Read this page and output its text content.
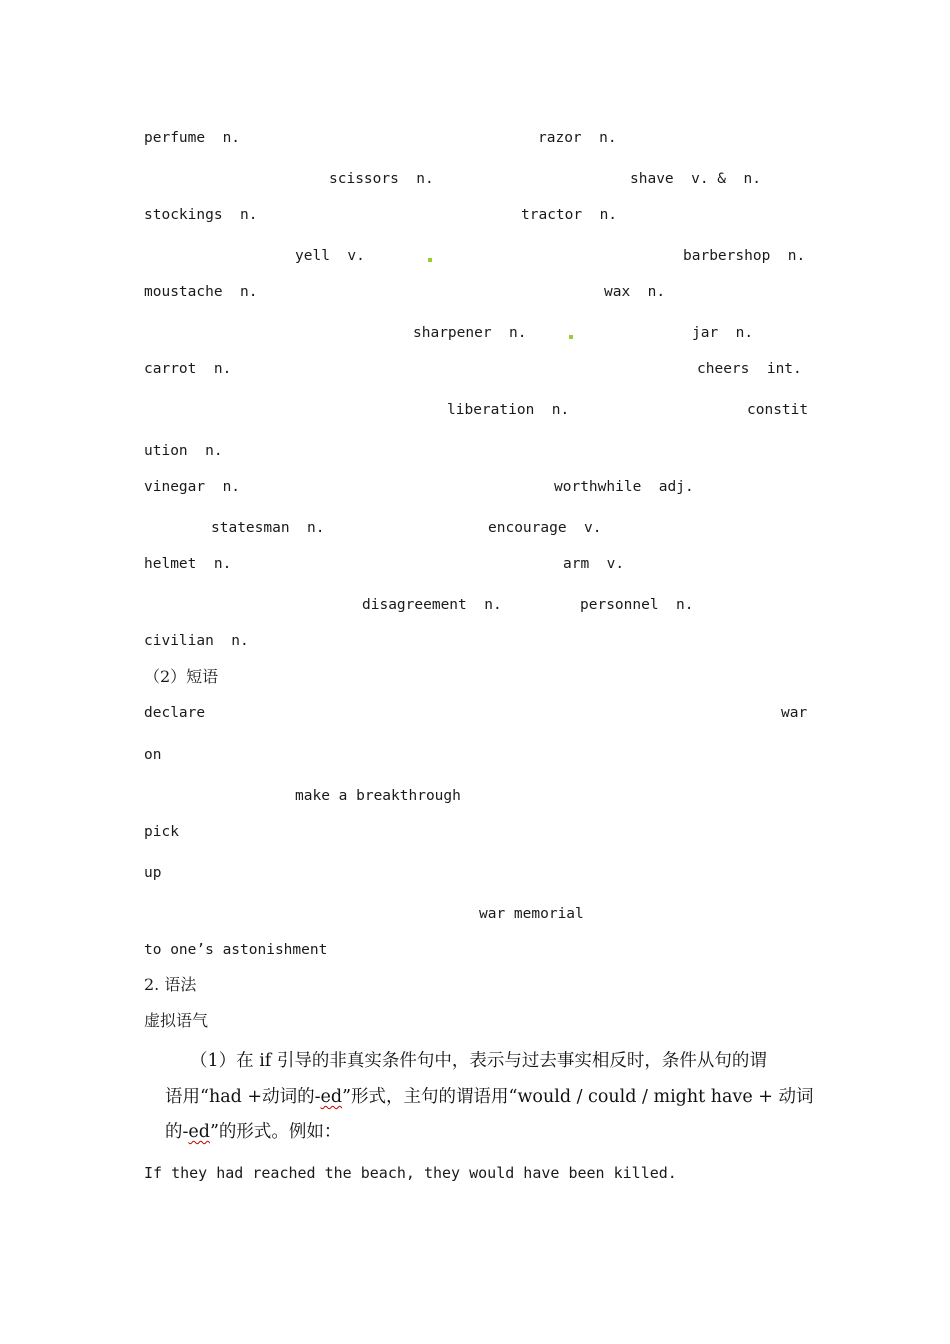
perfume  n.	razor  n.
scissors  n.	shave  v. &  n.
stockings  n.	tractor  n.
yell  v.	barbershop  n.
moustache  n.	wax  n.
sharpener  n.	jar  n.
carrot  n.	cheers  int.
liberation  n.	constit
ution  n.
vinegar  n.	worthwhile  adj.
statesman  n.	encourage  v.
helmet  n.	arm  v.
disagreement  n.	personnel  n.
civilian  n.
（2）短语
declare	war
on
make a breakthrough
pick
up
war memorial
to one’s astonishment
2. 语法
虚拟语气
（1）在 if 引导的非真实条件句中，表示与过去事实相反时，条件从句的谓
语用“had +动词的-ed”形式，主句的谓语用“would / could / might have + 动词
的-ed”的形式。例如：
If they had reached the beach, they would have been killed.
